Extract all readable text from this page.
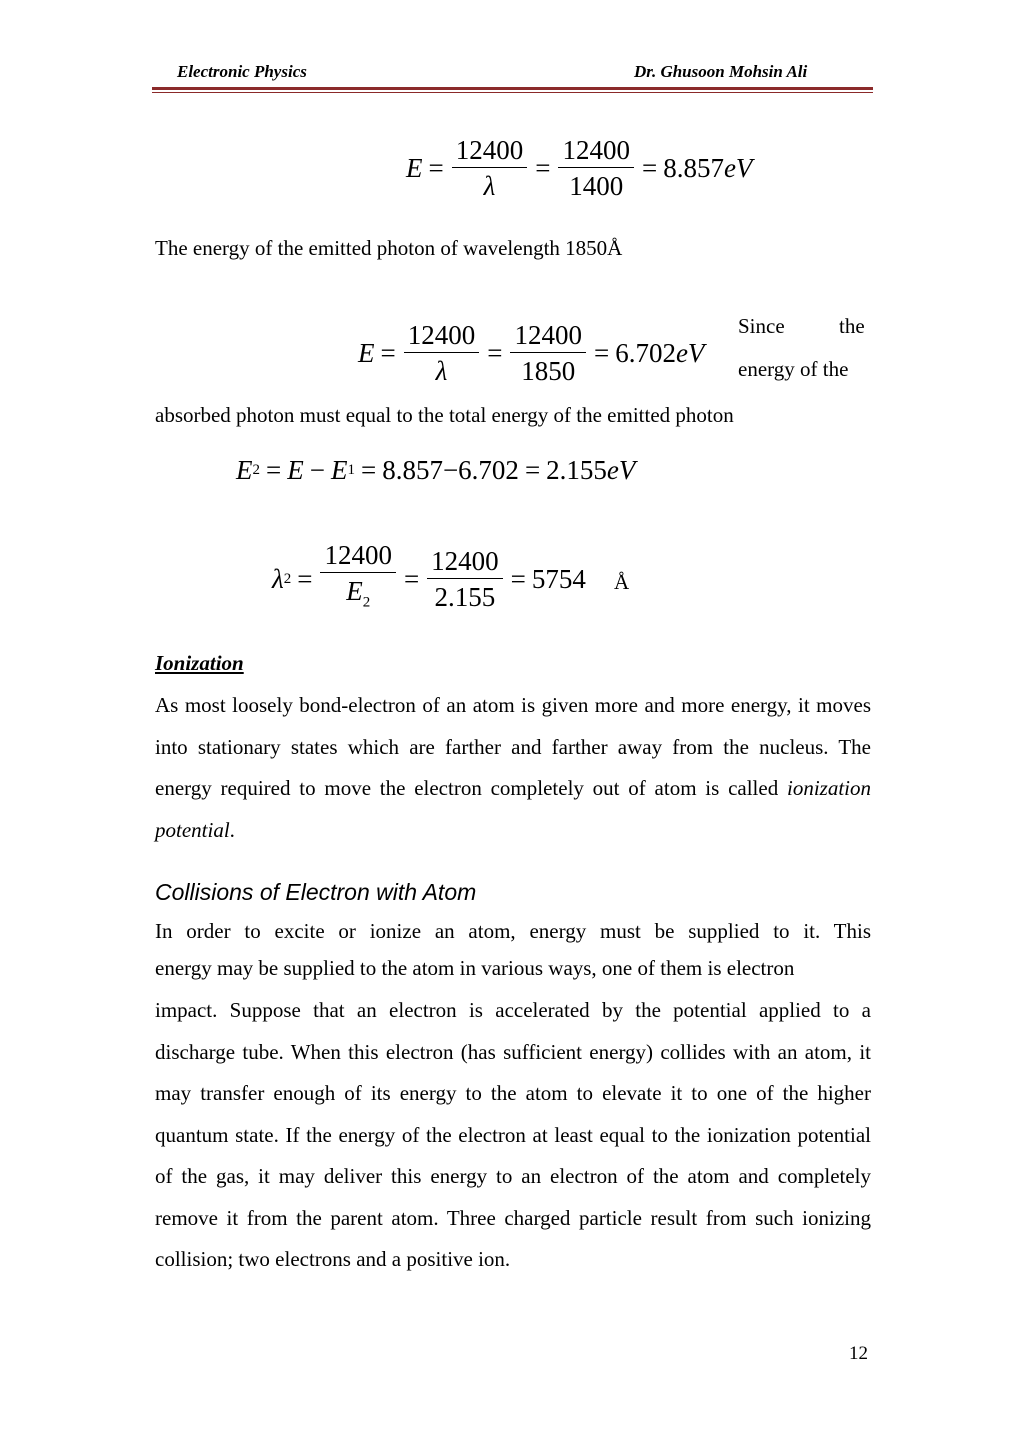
Electronic Physics	Dr. Ghusoon Mohsin Ali
$E = \frac{12400}{\lambda} = \frac{12400}{1400} = 8.857$ eV
The energy of the emitted photon of wavelength 1850Å
$E = \frac{12400}{\lambda} = \frac{12400}{1850} = 6.702$ eV
Since	the
energy of the
absorbed photon must equal to the total energy of the emitted photon
E 2 = E − E 1 = 8.857−6.702 = 2.155 eV
λ $2 = \frac{12400}{E_2} = \frac{12400}{2.155} = 5754$ Å
Ionization
As most loosely bond-electron of an atom is given more and more energy, it moves into stationary states which are farther and farther away from the nucleus. The energy required to move the electron completely out of atom is called ionization potential.
Collisions of Electron with Atom
In order to excite or ionize an atom, energy must be supplied to it. This
energy may be supplied to the atom in various ways, one of them is electron
impact. Suppose that an electron is accelerated by the potential applied to a discharge tube. When this electron (has sufficient energy) collides with an atom, it may transfer enough of its energy to the atom to elevate it to one of the higher quantum state. If the energy of the electron at least equal to the ionization potential of the gas, it may deliver this energy to an electron of the atom and completely remove it from the parent atom. Three charged particle result from such ionizing collision; two electrons and a positive ion.
12
